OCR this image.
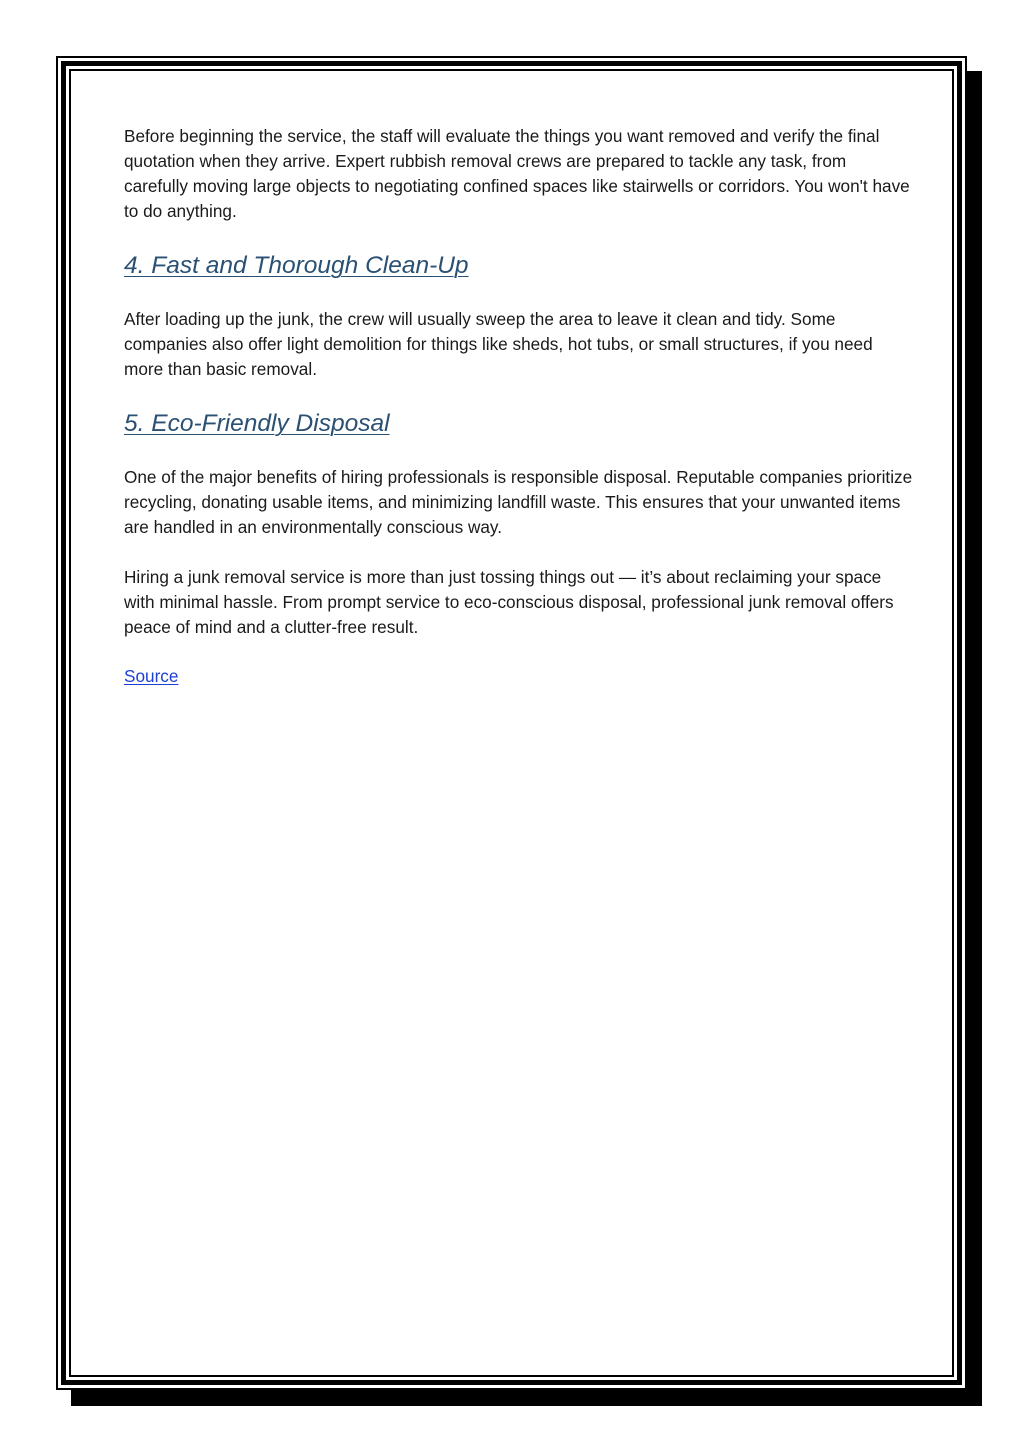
Before beginning the service, the staff will evaluate the things you want removed and verify the final quotation when they arrive. Expert rubbish removal crews are prepared to tackle any task, from carefully moving large objects to negotiating confined spaces like stairwells or corridors. You won't have to do anything.

4. Fast and Thorough Clean-Up

After loading up the junk, the crew will usually sweep the area to leave it clean and tidy. Some companies also offer light demolition for things like sheds, hot tubs, or small structures, if you need more than basic removal.

5. Eco-Friendly Disposal

One of the major benefits of hiring professionals is responsible disposal. Reputable companies prioritize recycling, donating usable items, and minimizing landfill waste. This ensures that your unwanted items are handled in an environmentally conscious way.

Hiring a junk removal service is more than just tossing things out — it’s about reclaiming your space with minimal hassle. From prompt service to eco-conscious disposal, professional junk removal offers peace of mind and a clutter-free result.

Source
